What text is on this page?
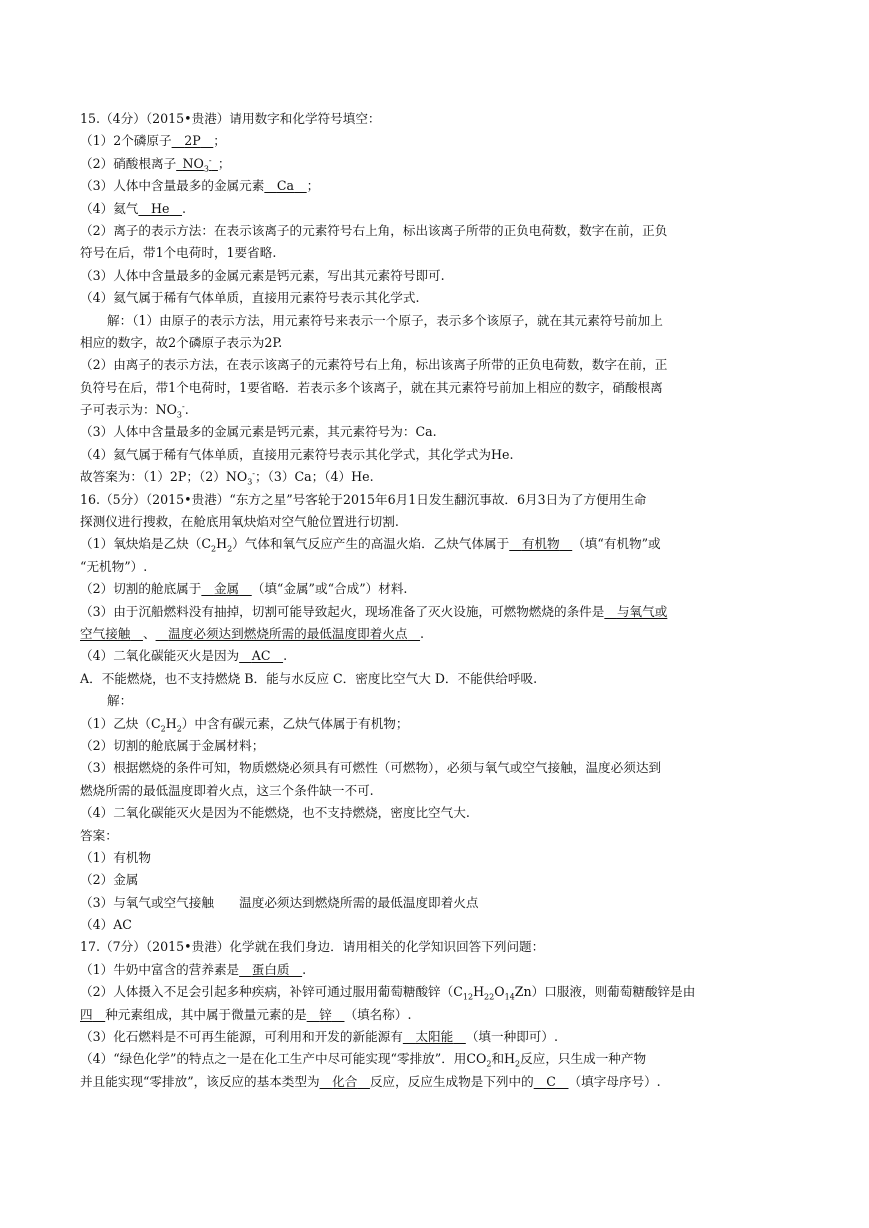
15.（4分）（2015•贵港）请用数字和化学符号填空：
（1）2个磷原子   2P   ；
（2）硝酸根离子  $NO_3^-$  ；
（3）人体中含量最多的金属元素   Ca   ；
（4）氦气   He   .
（2）离子的表示方法：在表示该离子的元素符号右上角，标出该离子所带的正负电荷数，数字在前，正负
符号在后，带1个电荷时，1要省略.
（3）人体中含量最多的金属元素是钙元素，写出其元素符号即可.
（4）氦气属于稀有气体单质，直接用元素符号表示其化学式.
解：（1）由原子的表示方法，用元素符号来表示一个原子，表示多个该原子，就在其元素符号前加上
相应的数字，故2个磷原子表示为2P.
（2）由离子的表示方法，在表示该离子的元素符号右上角，标出该离子所带的正负电荷数，数字在前，正
负符号在后，带1个电荷时，1要省略．若表示多个该离子，就在其元素符号前加上相应的数字，硝酸根离
子可表示为：$NO_3^-$.
（3）人体中含量最多的金属元素是钙元素，其元素符号为：Ca.
（4）氦气属于稀有气体单质，直接用元素符号表示其化学式，其化学式为He.
故答案为：（1）2P；$(2)NO_3^-$；（3）Ca；（4）He.
16.（5分）（2015•贵港）“东方之星”号客轮于2015年6月1日发生翻沉事故．6月3日为了方便用生命
探测仪进行搜救，在舱底用氧炔焰对空气舱位置进行切割.
（1）氧炔焰是乙炔$(C_2H_2)$气体和氧气反应产生的高温火焰．乙炔气体属于   有机物   （填“有机物”或
“无机物”）.
（2）切割的舱底属于   金属   （填“金属”或“合成”）材料.
（3）由于沉船燃料没有抽掉，切割可能导致起火，现场准备了灭火设施，可燃物燃烧的条件是   与氧气或
空气接触   、   温度必须达到燃烧所需的最低温度即着火点   .
（4）二氧化碳能灭火是因为   AC   .
A．不能燃烧，也不支持燃烧 B．能与水反应 C．密度比空气大 D．不能供给呼吸.
解：
（1）乙炔$(C_2H_2)$中含有碳元素，乙炔气体属于有机物；
（2）切割的舱底属于金属材料；
（3）根据燃烧的条件可知，物质燃烧必须具有可燃性（可燃物），必须与氧气或空气接触，温度必须达到
燃烧所需的最低温度即着火点，这三个条件缺一不可.
（4）二氧化碳能灭火是因为不能燃烧，也不支持燃烧，密度比空气大.
答案：
（1）有机物
（2）金属
（3）与氧气或空气接触　　温度必须达到燃烧所需的最低温度即着火点
（4）AC
17.（7分）（2015•贵港）化学就在我们身边．请用相关的化学知识回答下列问题：
（1）牛奶中富含的营养素是   蛋白质   .
（2）人体摄入不足会引起多种疾病，补锌可通过服用葡萄糖酸锌$(C_{12}H_{22}O_{14}Zn)$口服液，则葡萄糖酸锌是由
四   种元素组成，其中属于微量元素的是   锌   （填名称）.
（3）化石燃料是不可再生能源，可利用和开发的新能源有   太阳能   （填一种即可）.
（4）“绿色化学”的特点之一是在化工生产中尽可能实现“零排放”．用$CO_2$和$H_2$反应，只生成一种产物
并且能实现“零排放”，该反应的基本类型为   化合   反应，反应生成物是下列中的   C   （填字母序号）.
